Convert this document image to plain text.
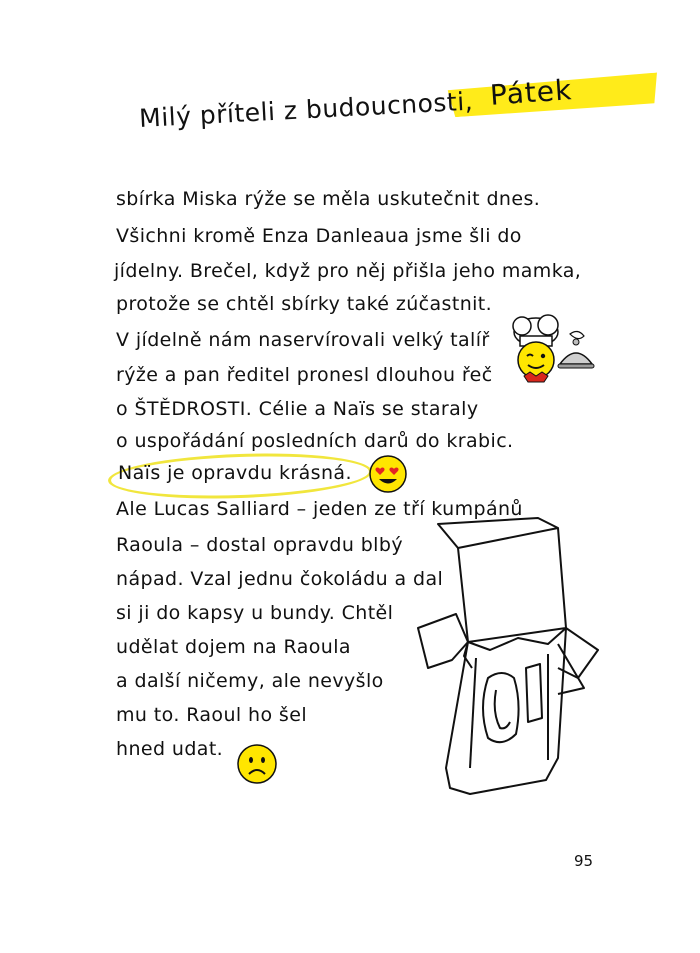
Pátek
Milý příteli z budoucnosti,
sbírka Miska rýže se měla uskutečnit dnes.
Všichni kromě Enza Danleaua jsme šli do
jídelny. Brečel, když pro něj přišla jeho mamka,
protože se chtěl sbírky také zúčastnit.
V jídelně nám naservírovali velký talíř
rýže a pan ředitel pronesl dlouhou řeč
o ŠTĚDROSTI. Célie a Naïs se staraly
o uspořádání posledních darů do krabic.
Naïs je opravdu krásná.
Ale Lucas Salliard – jeden ze tří kumpánů
Raoula – dostal opravdu blbý
nápad. Vzal jednu čokoládu a dal
si ji do kapsy u bundy. Chtěl
udělat dojem na Raoula
a další ničemy, ale nevyšlo
mu to. Raoul ho šel
hned udat.
95
